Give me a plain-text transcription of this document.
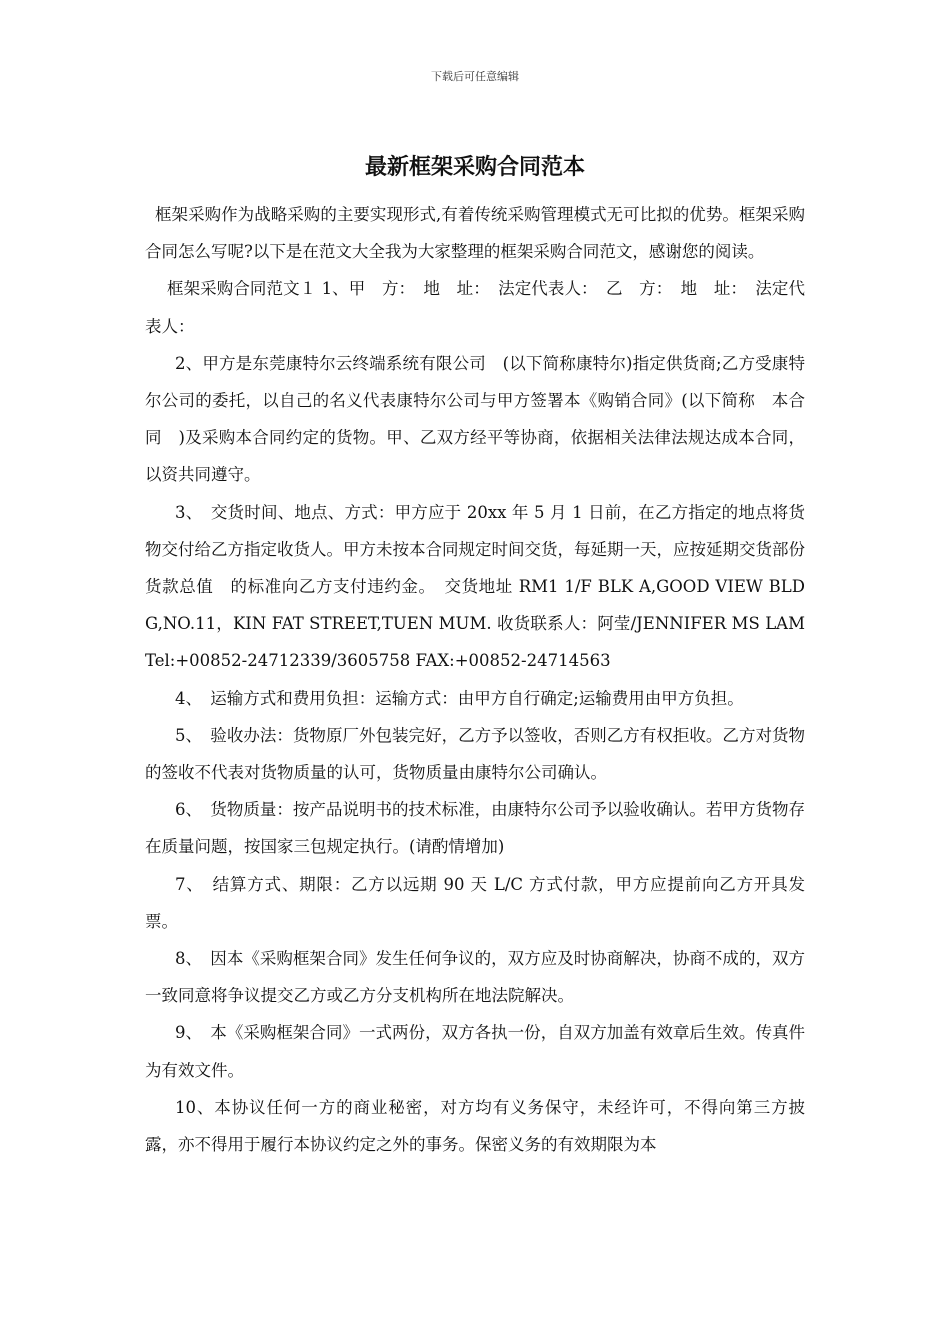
下载后可任意编辑
最新框架采购合同范本

框架采购作为战略采购的主要实现形式,有着传统采购管理模式无可比拟的优势。框架采购合同怎么写呢?以下是在范文大全我为大家整理的框架采购合同范文，感谢您的阅读。

框架采购合同范文１ 1、甲　方：　地　址：　法定代表人：　乙　方：　地　址：　法定代表人：

2、甲方是东莞康特尔云终端系统有限公司　(以下简称康特尔)指定供货商;乙方受康特尔公司的委托，以自己的名义代表康特尔公司与甲方签署本《购销合同》(以下简称　本合同　)及采购本合同约定的货物。甲、乙双方经平等协商，依据相关法律法规达成本合同，以资共同遵守。

3、　交货时间、地点、方式：甲方应于 20xx 年 5 月 1 日前，在乙方指定的地点将货物交付给乙方指定收货人。甲方未按本合同规定时间交货，每延期一天，应按延期交货部份货款总值　的标准向乙方支付违约金。　交货地址 RM1 1/F BLK A,GOOD VIEW BLDG,NO.11，KIN FAT STREET,TUEN MUM. 收货联系人：阿莹/JENNIFER MS LAMTel:+00852-24712339/3605758 FAX:+00852-24714563

4、　运输方式和费用负担：运输方式：由甲方自行确定;运输费用由甲方负担。

5、　验收办法：货物原厂外包装完好，乙方予以签收，否则乙方有权拒收。乙方对货物的签收不代表对货物质量的认可，货物质量由康特尔公司确认。

6、　货物质量：按产品说明书的技术标准，由康特尔公司予以验收确认。若甲方货物存在质量问题，按国家三包规定执行。(请酌情增加)

7、　结算方式、期限：乙方以远期 90 天 L/C 方式付款，甲方应提前向乙方开具发票。

8、　因本《采购框架合同》发生任何争议的，双方应及时协商解决，协商不成的，双方一致同意将争议提交乙方或乙方分支机构所在地法院解决。

9、　本《采购框架合同》一式两份，双方各执一份，自双方加盖有效章后生效。传真件为有效文件。

10、本协议任何一方的商业秘密，对方均有义务保守，未经许可，不得向第三方披露，亦不得用于履行本协议约定之外的事务。保密义务的有效期限为本
